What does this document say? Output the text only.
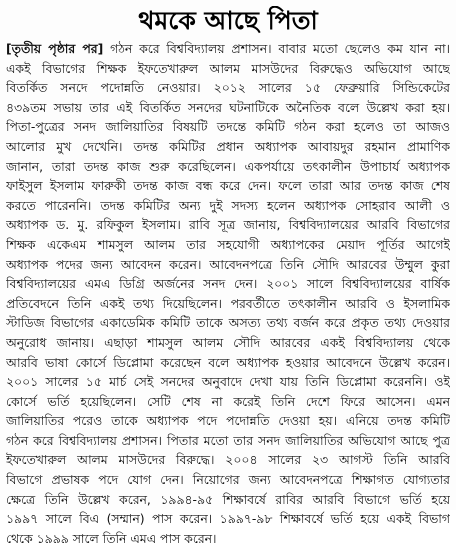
থমকে আছে পিতা
[তৃতীয় পৃষ্ঠার পর] গঠন করে বিশ্ববিদ্যালয় প্রশাসন। বাবার মতো ছেলেও কম যান না।
একই বিভাগের শিক্ষক ইফতেখারুল আলম মাসউদের বিরুদ্ধেও অভিযোগ আছে
বিতর্কিত সনদে পদোন্নতি নেওয়ার। ২০১২ সালের ১৫ ফেব্রুয়ারি সিন্ডিকেটের
৪৩৯তম সভায় তার এই বিতর্কিত সনদের ঘটনাটিকে অনৈতিক বলে উল্লেখ করা হয়।
পিতা-পুত্রের সনদ জালিয়াতির বিষয়টি তদন্তে কমিটি গঠন করা হলেও তা আজও
আলোর মুখ দেখেনি। তদন্ত কমিটির প্রধান অধ্যাপক আবায়দুর রহমান প্রামাণিক
জানান, তারা তদন্ত কাজ শুরু করেছিলেন। একপর্যায়ে তৎকালীন উপাচার্য অধ্যাপক
ফাইসুল ইসলাম ফারুকী তদন্ত কাজ বন্ধ করে দেন। ফলে তারা আর তদন্ত কাজ শেষ
করতে পারেননি। তদন্ত কমিটির অন্য দুই সদস্য হলেন অধ্যাপক সোহরাব আলী ও
অধ্যাপক ড. মু. রফিকুল ইসলাম। রাবি সূত্র জানায়, বিশ্ববিদ্যালয়ের আরবি বিভাগের
শিক্ষক একেএম শামসুল আলম তার সহযোগী অধ্যাপকের মেয়াদ পূর্তির আগেই
অধ্যাপক পদের জন্য আবেদন করেন। আবেদনপত্রে তিনি সৌদি আরবের উম্মুল কুরা
বিশ্ববিদ্যালয়ের এমএ ডিগ্রি অর্জনের সনদ দেন। ২০০১ সালে বিশ্ববিদ্যালয়ের বার্ষিক
প্রতিবেদনে তিনি একই তথ্য দিয়েছিলেন। পরবর্তীতে তৎকালীন আরবি ও ইসলামিক
স্টাডিজ বিভাগের একাডেমিক কমিটি তাকে অসত্য তথ্য বর্জন করে প্রকৃত তথ্য দেওয়ার
অনুরোধ জানায়। এছাড়া শামসুল আলম সৌদি আরবের একই বিশ্ববিদ্যালয় থেকে
আরবি ভাষা কোর্সে ডিপ্লোমা করেছেন বলে অধ্যাপক হওয়ার আবেদনে উল্লেখ করেন।
২০০১ সালের ১৫ মার্চ সেই সনদের অনুবাদে দেখা যায় তিনি ডিপ্লোমা করেননি। ওই
কোর্সে ভর্তি হয়েছিলেন। সেটি শেষ না করেই তিনি দেশে ফিরে আসেন। এমন
জালিয়াতির পরেও তাকে অধ্যাপক পদে পদোন্নতি দেওয়া হয়। এনিয়ে তদন্ত কমিটি
গঠন করে বিশ্ববিদ্যালয় প্রশাসন। পিতার মতো তার সনদ জালিয়াতির অভিযোগ আছে পুত্র
ইফতেখারুল আলম মাসউদের বিরুদ্ধে। ২০০৪ সালের ২৩ আগস্ট তিনি আরবি
বিভাগে প্রভাষক পদে যোগ দেন। নিয়োগের জন্য আবেদনপত্রে শিক্ষাগত যোগ্যতার
ক্ষেত্রে তিনি উল্লেখ করেন, ১৯৯৪-৯৫ শিক্ষাবর্ষে রাবির আরবি বিভাগে ভর্তি হয়ে
১৯৯৭ সালে বিএ (সম্মান) পাস করেন। ১৯৯৭-৯৮ শিক্ষাবর্ষে ভর্তি হয়ে একই বিভাগ
থেকে ১৯৯৯ সালে তিনি এমএ পাস করেন।
